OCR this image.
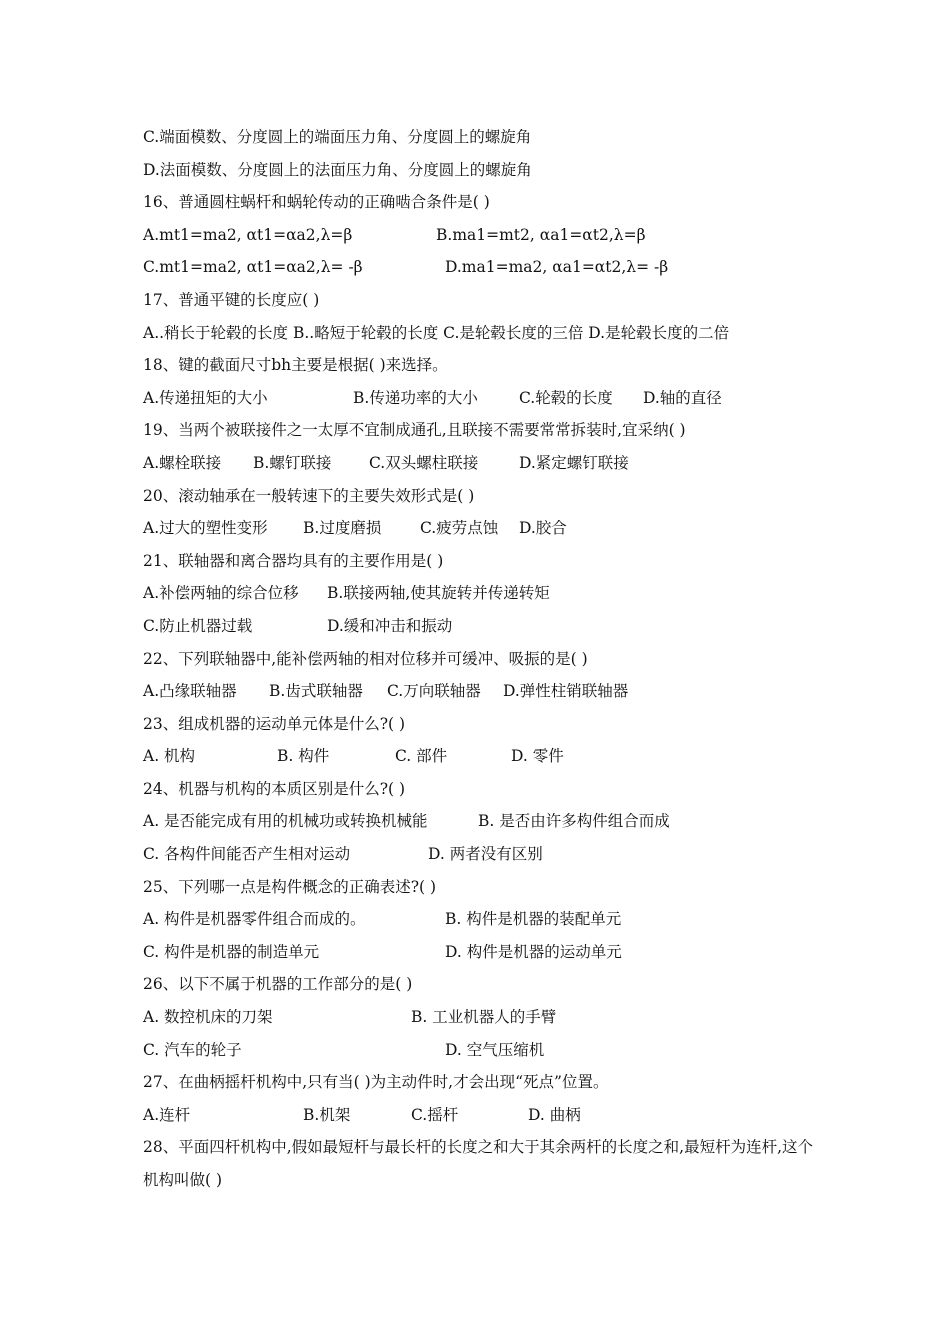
C.端面模数、分度圆上的端面压力角、分度圆上的螺旋角
D.法面模数、分度圆上的法面压力角、分度圆上的螺旋角
16、普通圆柱蜗杆和蜗轮传动的正确啮合条件是( )
A.mt1=ma2, αt1=αa2,λ=β	B.ma1=mt2, αa1=αt2,λ=β
C.mt1=ma2, αt1=αa2,λ= -β	D.ma1=ma2, αa1=αt2,λ= -β
17、普通平键的长度应( )
A..稍长于轮毂的长度 B..略短于轮毂的长度 C.是轮毂长度的三倍 D.是轮毂长度的二倍
18、键的截面尺寸bh主要是根据( )来选择。
A.传递扭矩的大小	B.传递功率的大小	C.轮毂的长度 D.轴的直径
19、当两个被联接件之一太厚不宜制成通孔,且联接不需要常常拆装时,宜采纳( )
A.螺栓联接 B.螺钉联接 C.双头螺柱联接	D.紧定螺钉联接
20、滚动轴承在一般转速下的主要失效形式是( )
A.过大的塑性变形 B.过度磨损 C.疲劳点蚀 D.胶合
21、联轴器和离合器均具有的主要作用是( )
A.补偿两轴的综合位移 B.联接两轴,使其旋转并传递转矩
C.防止机器过载	D.缓和冲击和振动
22、下列联轴器中,能补偿两轴的相对位移并可缓冲、吸振的是( )
A.凸缘联轴器 B.齿式联轴器 C.万向联轴器 D.弹性柱销联轴器
23、组成机器的运动单元体是什么?( )
A. 机构	B. 构件	C. 部件	D. 零件
24、机器与机构的本质区别是什么?( )
A. 是否能完成有用的机械功或转换机械能	B. 是否由许多构件组合而成
C. 各构件间能否产生相对运动	D. 两者没有区别
25、下列哪一点是构件概念的正确表述?( )
A. 构件是机器零件组合而成的。	B. 构件是机器的装配单元
C. 构件是机器的制造单元	D. 构件是机器的运动单元
26、以下不属于机器的工作部分的是( )
A. 数控机床的刀架	B. 工业机器人的手臂
C. 汽车的轮子	D. 空气压缩机
27、在曲柄摇杆机构中,只有当( )为主动件时,才会出现“死点”位置。
A.连杆	B.机架	C.摇杆	D. 曲柄
28、平面四杆机构中,假如最短杆与最长杆的长度之和大于其余两杆的长度之和,最短杆为连杆,这个机构叫做( )
